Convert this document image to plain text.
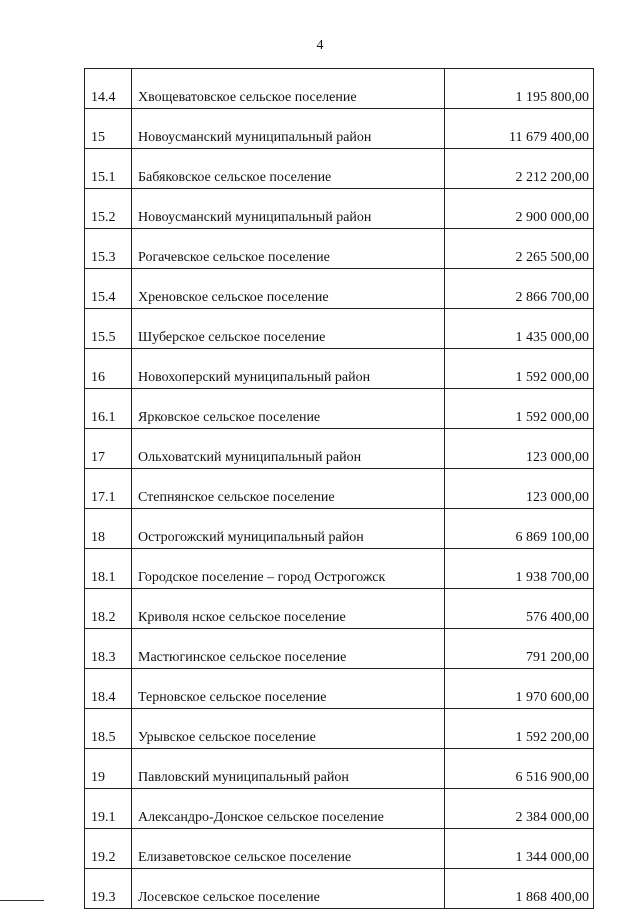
4
14.4	Хвощеватовское сельское поселение	1 195 800,00
15	Новоусманский муниципальный район	11 679 400,00
15.1	Бабяковское сельское поселение	2 212 200,00
15.2	Новоусманский муниципальный район	2 900 000,00
15.3	Рогачевское сельское поселение	2 265 500,00
15.4	Хреновское сельское поселение	2 866 700,00
15.5	Шуберское сельское поселение	1 435 000,00
16	Новохоперский муниципальный район	1 592 000,00
16.1	Ярковское сельское поселение	1 592 000,00
17	Ольховатский муниципальный район	123 000,00
17.1	Степнянское сельское поселение	123 000,00
18	Острогожский муниципальный район	6 869 100,00
18.1	Городское поселение – город Острогожск	1 938 700,00
18.2	Криволя нское сельское поселение	576 400,00
18.3	Мастюгинское сельское поселение	791 200,00
18.4	Терновское сельское поселение	1 970 600,00
18.5	Урывское сельское поселение	1 592 200,00
19	Павловский муниципальный район	6 516 900,00
19.1	Александро-Донское сельское поселение	2 384 000,00
19.2	Елизаветовское сельское поселение	1 344 000,00
19.3	Лосевское сельское поселение	1 868 400,00
